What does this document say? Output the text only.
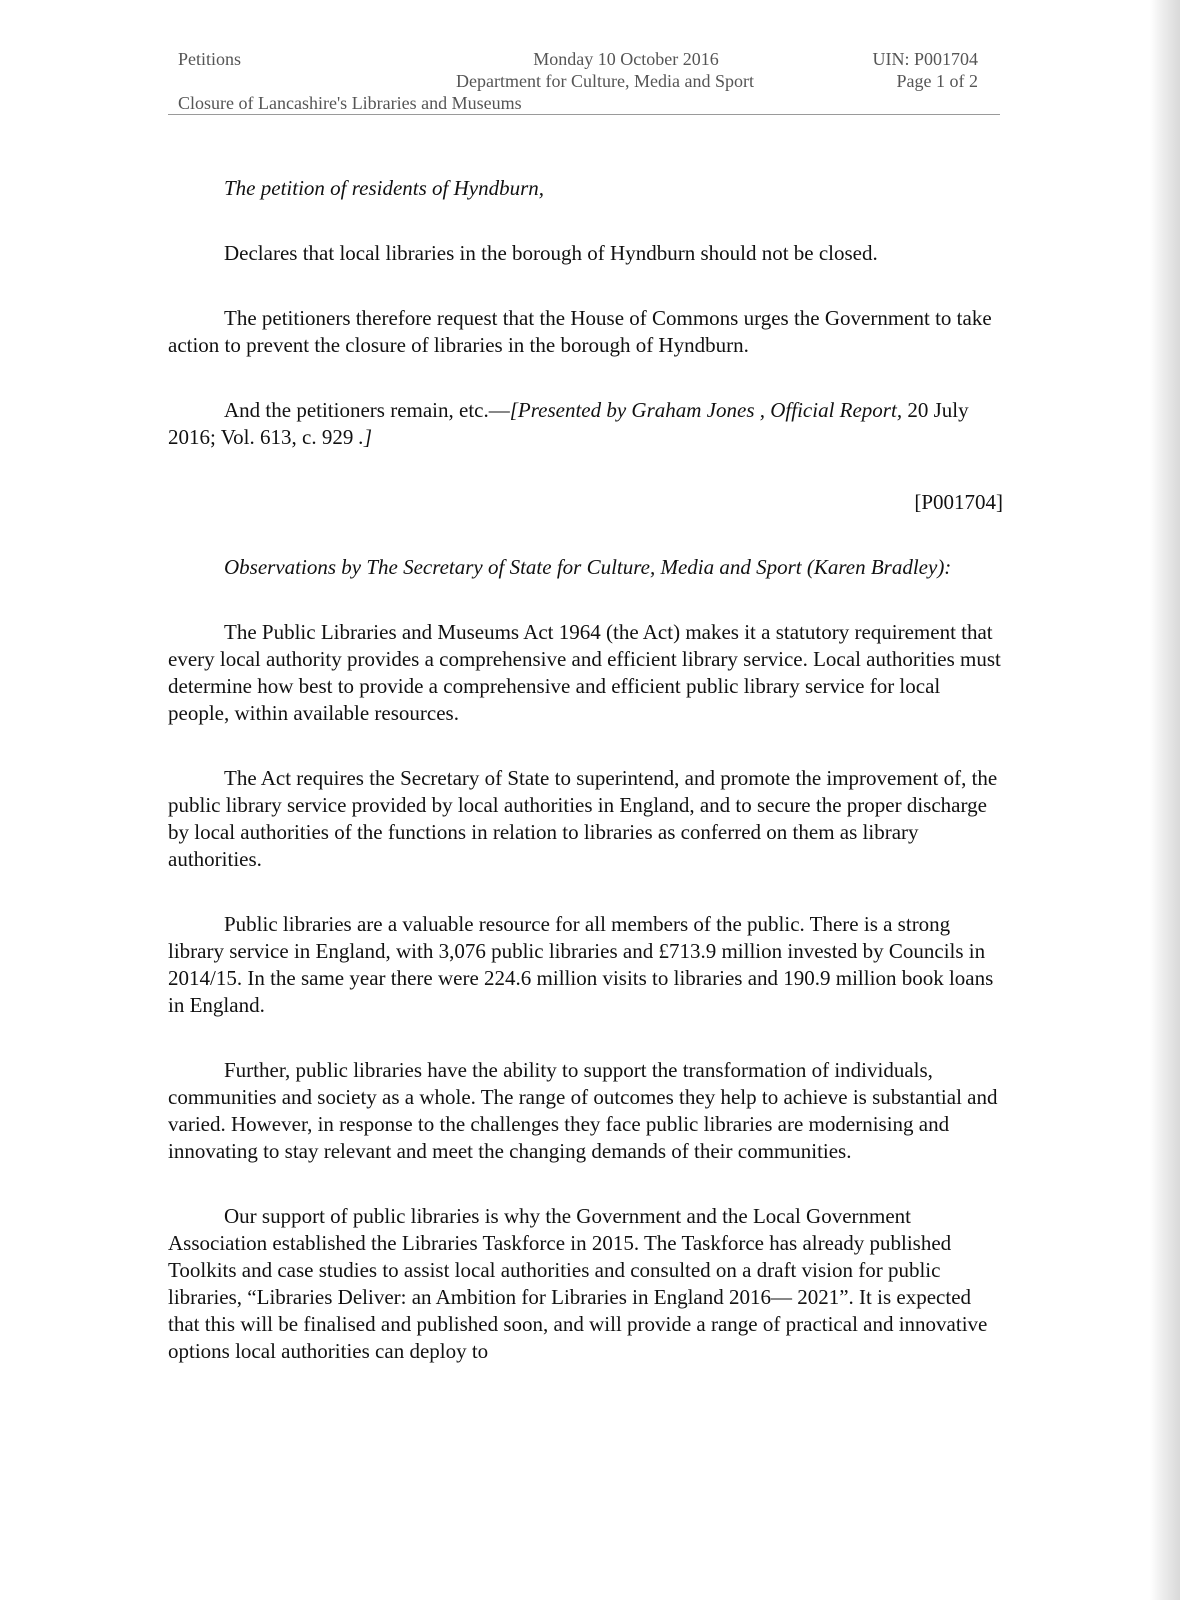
Petitions	Monday 10 October 2016
Department for Culture, Media and Sport
UIN: P001704
Page 1 of 2
Closure of Lancashire's Libraries and Museums

The petition of residents of Hyndburn,

Declares that local libraries in the borough of Hyndburn should not be closed.

The petitioners therefore request that the House of Commons urges the Government to take action to prevent the closure of libraries in the borough of Hyndburn.

And the petitioners remain, etc.—[Presented by Graham Jones , Official Report, 20 July 2016; Vol. 613, c. 929 .]

[P001704]

Observations by The Secretary of State for Culture, Media and Sport (Karen Bradley):

The Public Libraries and Museums Act 1964 (the Act) makes it a statutory requirement that every local authority provides a comprehensive and efficient library service. Local authorities must determine how best to provide a comprehensive and efficient public library service for local people, within available resources.

The Act requires the Secretary of State to superintend, and promote the improvement of, the public library service provided by local authorities in England, and to secure the proper discharge by local authorities of the functions in relation to libraries as conferred on them as library authorities.

Public libraries are a valuable resource for all members of the public. There is a strong library service in England, with 3,076 public libraries and £713.9 million invested by Councils in 2014/15. In the same year there were 224.6 million visits to libraries and 190.9 million book loans in England.

Further, public libraries have the ability to support the transformation of individuals, communities and society as a whole. The range of outcomes they help to achieve is substantial and varied. However, in response to the challenges they face public libraries are modernising and innovating to stay relevant and meet the changing demands of their communities.

Our support of public libraries is why the Government and the Local Government Association established the Libraries Taskforce in 2015. The Taskforce has already published Toolkits and case studies to assist local authorities and consulted on a draft vision for public libraries, “Libraries Deliver: an Ambition for Libraries in England 2016— 2021”. It is expected that this will be finalised and published soon, and will provide a range of practical and innovative options local authorities can deploy to
